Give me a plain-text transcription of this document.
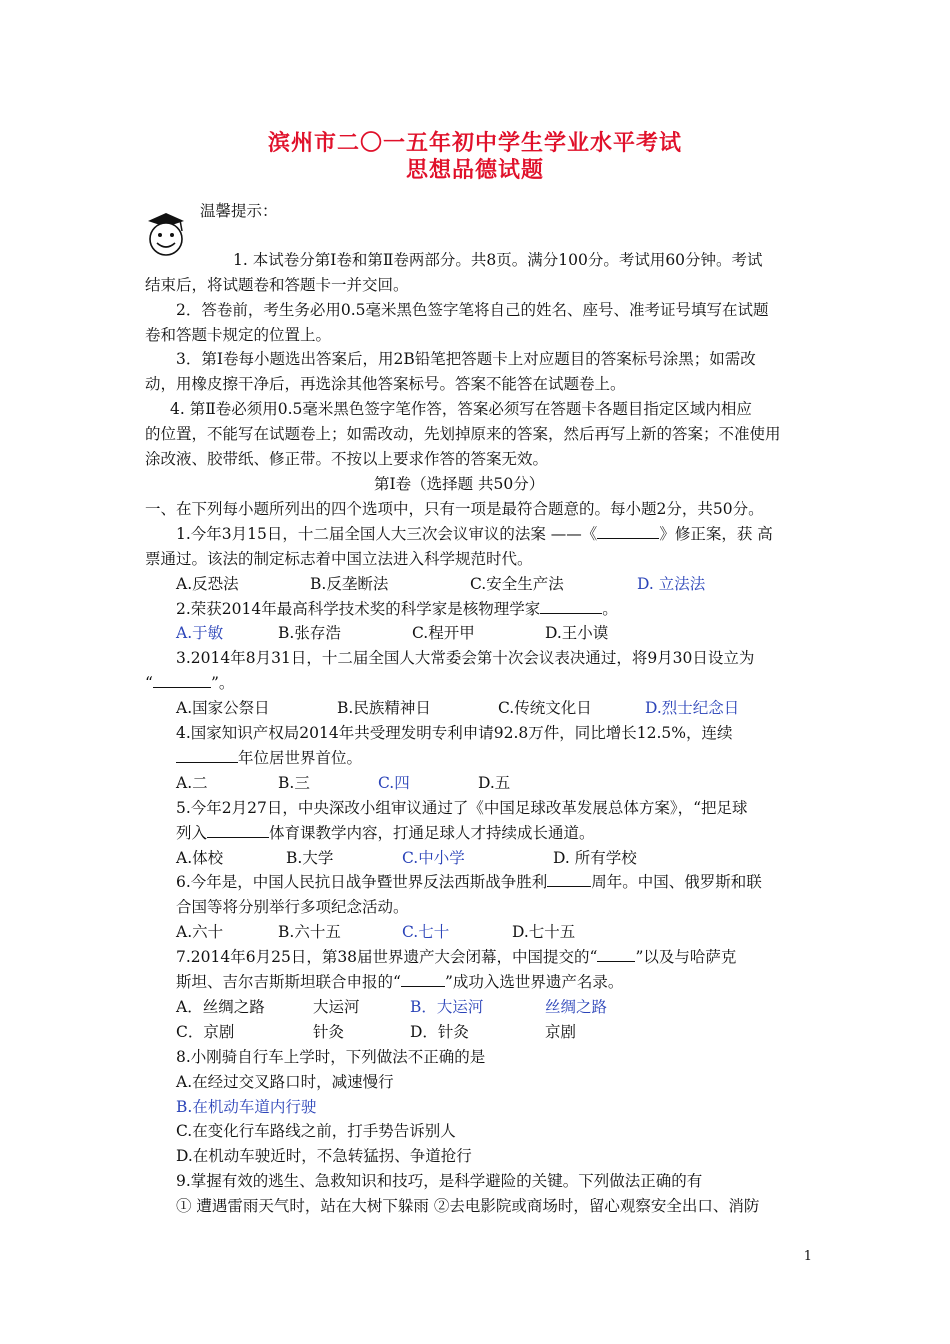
滨州市二〇一五年初中学生学业水平考试
思想品德试题
温馨提示：
1. 本试卷分第Ⅰ卷和第Ⅱ卷两部分。共8页。满分100分。考试用60分钟。考试
结束后，将试题卷和答题卡一并交回。
2．答卷前，考生务必用0.5毫米黑色签字笔将自己的姓名、座号、准考证号填写在试题
卷和答题卡规定的位置上。
3．第Ⅰ卷每小题选出答案后，用2B铅笔把答题卡上对应题目的答案标号涂黑；如需改
动，用橡皮擦干净后，再选涂其他答案标号。答案不能答在试题卷上。
4. 第Ⅱ卷必须用0.5毫米黑色签字笔作答，答案必须写在答题卡各题目指定区域内相应
的位置，不能写在试题卷上；如需改动，先划掉原来的答案，然后再写上新的答案；不准使用
涂改液、胶带纸、修正带。不按以上要求作答的答案无效。
第Ⅰ卷（选择题 共50分）
一、在下列每小题所列出的四个选项中，只有一项是最符合题意的。每小题2分，共50分。
1.今年3月15日，十二届全国人大三次会议审议的法案 ——《	》修正案，获 高
票通过。该法的制定标志着中国立法进入科学规范时代。
A.反恐法	B.反垄断法	C.安全生产法	D. 立法法
2.荣获2014年最高科学技术奖的科学家是核物理学家	。
A.于敏	B.张存浩	C.程开甲	D.王小谟
3.2014年8月31日，十二届全国人大常委会第十次会议表决通过，将9月30日设立为
“	”。
A.国家公祭日	B.民族精神日	C.传统文化日	D.烈士纪念日
4.国家知识产权局2014年共受理发明专利申请92.8万件，同比增长12.5%，连续
年位居世界首位。
A.二	B.三	C.四	D.五
5.今年2月27日，中央深改小组审议通过了《中国足球改革发展总体方案》，“把足球
列入	体育课教学内容，打通足球人才持续成长通道。
A.体校	B.大学	C.中小学	D. 所有学校
6.今年是，中国人民抗日战争暨世界反法西斯战争胜利	周年。中国、俄罗斯和联
合国等将分别举行多项纪念活动。
A.六十	B.六十五	C.七十	D.七十五
7.2014年6月25日，第38届世界遗产大会闭幕，中国提交的“ ”以及与哈萨克
斯坦、吉尔吉斯斯坦联合申报的“	”成功入选世界遗产名录。
A．丝绸之路	大运河	B．大运河	丝绸之路
C．京剧	针灸	D．针灸	京剧
8.小刚骑自行车上学时，下列做法不正确的是
A.在经过交叉路口时，减速慢行
B.在机动车道内行驶
C.在变化行车路线之前，打手势告诉别人
D.在机动车驶近时，不急转猛拐、争道抢行
9.掌握有效的逃生、急救知识和技巧，是科学避险的关键。下列做法正确的有
① 遭遇雷雨天气时，站在大树下躲雨 ②去电影院或商场时，留心观察安全出口、消防
1
